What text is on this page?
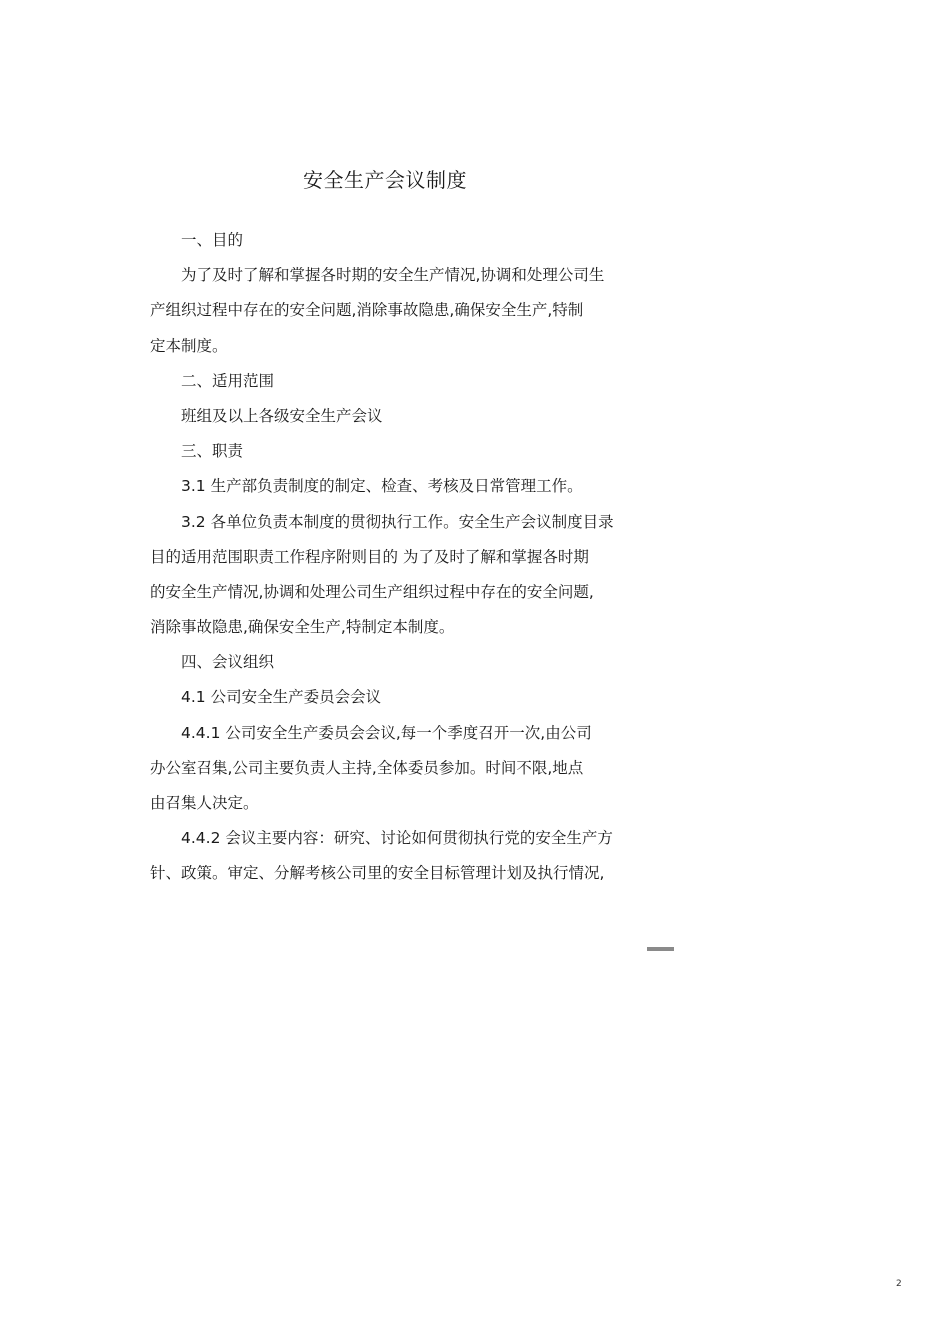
安全生产会议制度
一、目的
为了及时了解和掌握各时期的安全生产情况,协调和处理公司生
产组织过程中存在的安全问题,消除事故隐患,确保安全生产,特制
定本制度。
二、适用范围
班组及以上各级安全生产会议
三、职责
3.1 生产部负责制度的制定、检查、考核及日常管理工作。
3.2 各单位负责本制度的贯彻执行工作。安全生产会议制度目录
目的适用范围职责工作程序附则目的 为了及时了解和掌握各时期
的安全生产情况,协调和处理公司生产组织过程中存在的安全问题,
消除事故隐患,确保安全生产,特制定本制度。
四、会议组织
4.1 公司安全生产委员会会议
4.4.1 公司安全生产委员会会议,每一个季度召开一次,由公司
办公室召集,公司主要负责人主持,全体委员参加。时间不限,地点
由召集人决定。
4.4.2 会议主要内容：研究、讨论如何贯彻执行党的安全生产方
针、政策。审定、分解考核公司里的安全目标管理计划及执行情况,
2
